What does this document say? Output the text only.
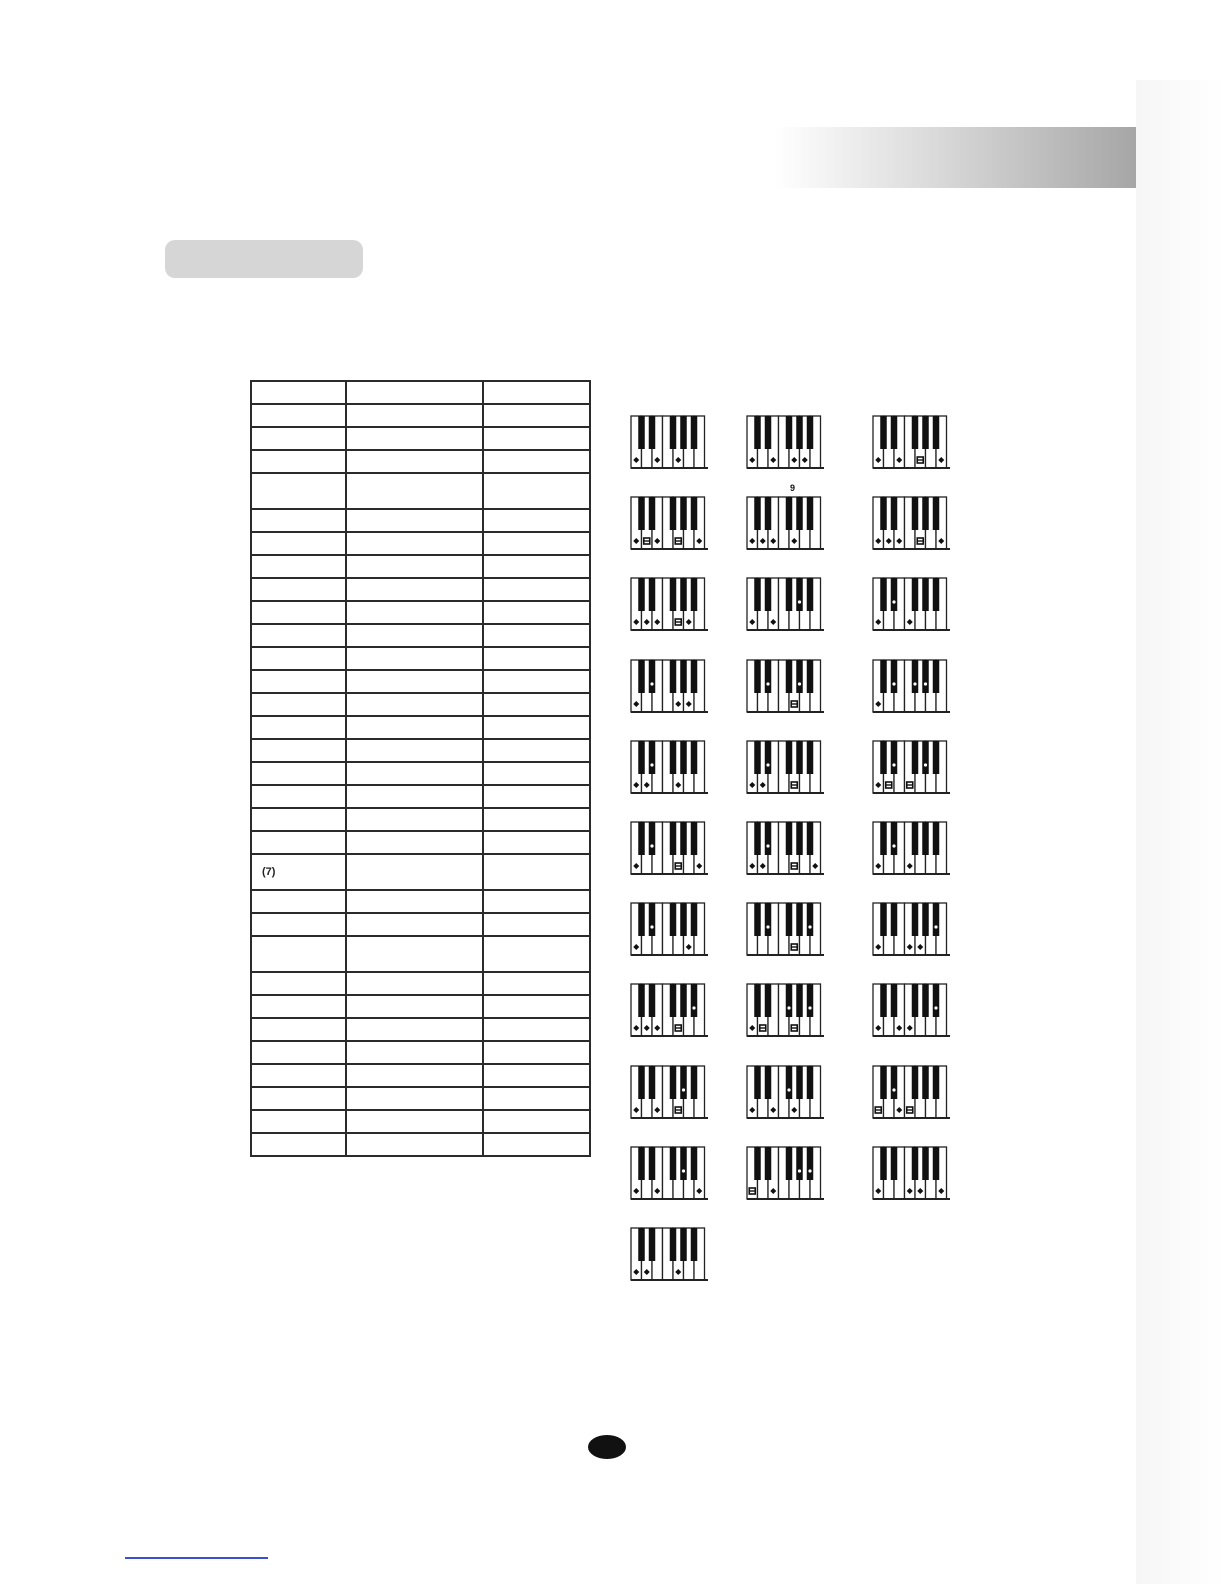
(7)		

9
